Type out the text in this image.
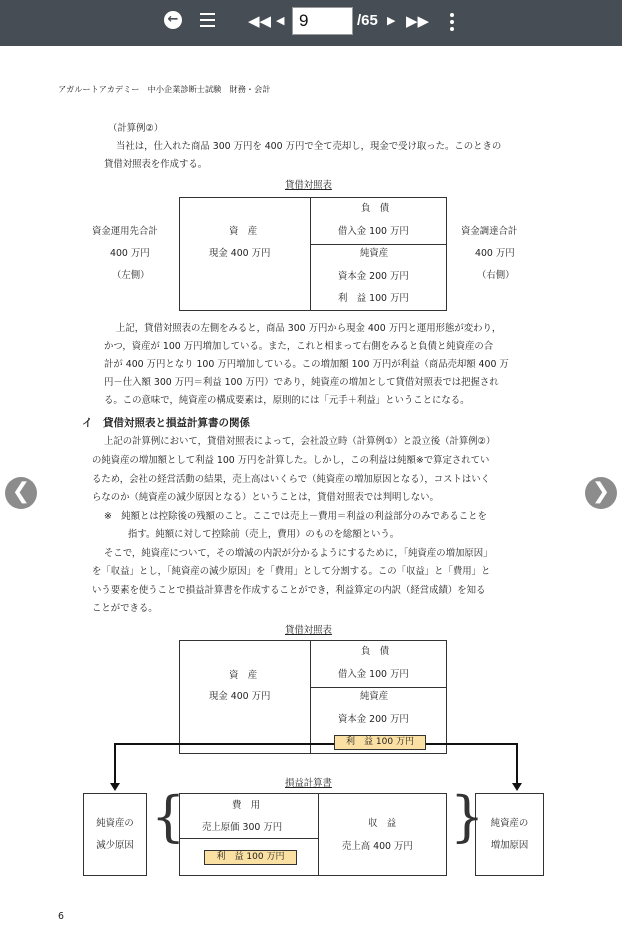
←	◀◀ ◀ 9	/65 ▶ ▶▶
❮	❯
アガルートアカデミー　中小企業診断士試験　財務・会計
（計算例②）
当社は，仕入れた商品 300 万円を 400 万円で全て売却し，現金で受け取った。このときの
貸借対照表を作成する。
貸借対照表
資金運用先合計
400 万円
（左側）
資金調達合計
400 万円
（右側）
資　産
現金 400 万円
負　債
借入金 100 万円
純資産
資本金 200 万円
利　益 100 万円
上記，貸借対照表の左側をみると，商品 300 万円から現金 400 万円と運用形態が変わり，
かつ，資産が 100 万円増加している。また，これと相まって右側をみると負債と純資産の合
計が 400 万円となり 100 万円増加している。この増加額 100 万円が利益（商品売却額 400 万
円－仕入額 300 万円＝利益 100 万円）であり，純資産の増加として貸借対照表では把握され
る。この意味で，純資産の構成要素は，原則的には「元手＋利益」ということになる。
イ　貸借対照表と損益計算書の関係
上記の計算例において，貸借対照表によって，会社設立時（計算例①）と設立後（計算例②）
の純資産の増加額として利益 100 万円を計算した。しかし，この利益は純額※で算定されてい
るため，会社の経営活動の結果，売上高はいくらで（純資産の増加原因となる），コストはいく
らなのか（純資産の減少原因となる）ということは，貸借対照表では判明しない。
※　純額とは控除後の残額のこと。ここでは売上－費用＝利益の利益部分のみであることを
指す。純額に対して控除前（売上，費用）のものを総額という。
そこで，純資産について，その増減の内訳が分かるようにするために，「純資産の増加原因」
を「収益」とし，「純資産の減少原因」を「費用」として分割する。この「収益」と「費用」と
いう要素を使うことで損益計算書を作成することができ，利益算定の内訳（経営成績）を知る
ことができる。
貸借対照表
資　産
現金 400 万円
負　債
借入金 100 万円
純資産
資本金 200 万円
利　益 100 万円
損益計算書
費　用
売上原価 300 万円
利　益 100 万円
収　益
売上高 400 万円
純資産の
減少原因 {	純資産の
増加原因
}
6
